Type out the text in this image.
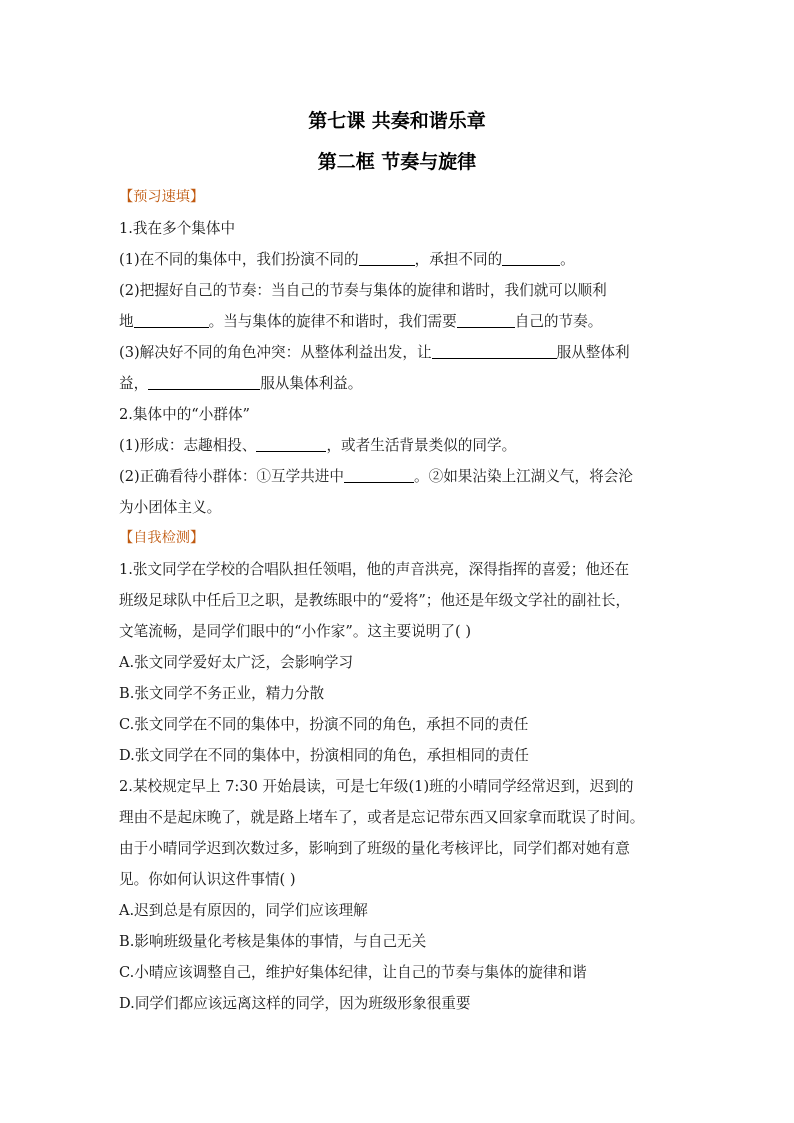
第七课 共奏和谐乐章
第二框 节奏与旋律
【预习速填】
1.我在多个集体中
(1)在不同的集体中，我们扮演不同的	，承担不同的	。
(2)把握好自己的节奏：当自己的节奏与集体的旋律和谐时，我们就可以顺利
地	。当与集体的旋律不和谐时，我们需要	自己的节奏。
(3)解决好不同的角色冲突：从整体利益出发，让	服从整体利
益，	服从集体利益。
2.集体中的“小群体”
(1)形成：志趣相投、	，或者生活背景类似的同学。
(2)正确看待小群体：①互学共进中	。②如果沾染上江湖义气，将会沦
为小团体主义。
【自我检测】
1.张文同学在学校的合唱队担任领唱，他的声音洪亮，深得指挥的喜爱；他还在
班级足球队中任后卫之职，是教练眼中的“爱将”；他还是年级文学社的副社长，
文笔流畅，是同学们眼中的“小作家”。这主要说明了( )
A.张文同学爱好太广泛，会影响学习
B.张文同学不务正业，精力分散
C.张文同学在不同的集体中，扮演不同的角色，承担不同的责任
D.张文同学在不同的集体中，扮演相同的角色，承担相同的责任
2.某校规定早上 7:30 开始晨读，可是七年级(1)班的小晴同学经常迟到，迟到的
理由不是起床晚了，就是路上堵车了，或者是忘记带东西又回家拿而耽误了时间。
由于小晴同学迟到次数过多，影响到了班级的量化考核评比，同学们都对她有意
见。你如何认识这件事情( )
A.迟到总是有原因的，同学们应该理解
B.影响班级量化考核是集体的事情，与自己无关
C.小晴应该调整自己，维护好集体纪律，让自己的节奏与集体的旋律和谐
D.同学们都应该远离这样的同学，因为班级形象很重要
